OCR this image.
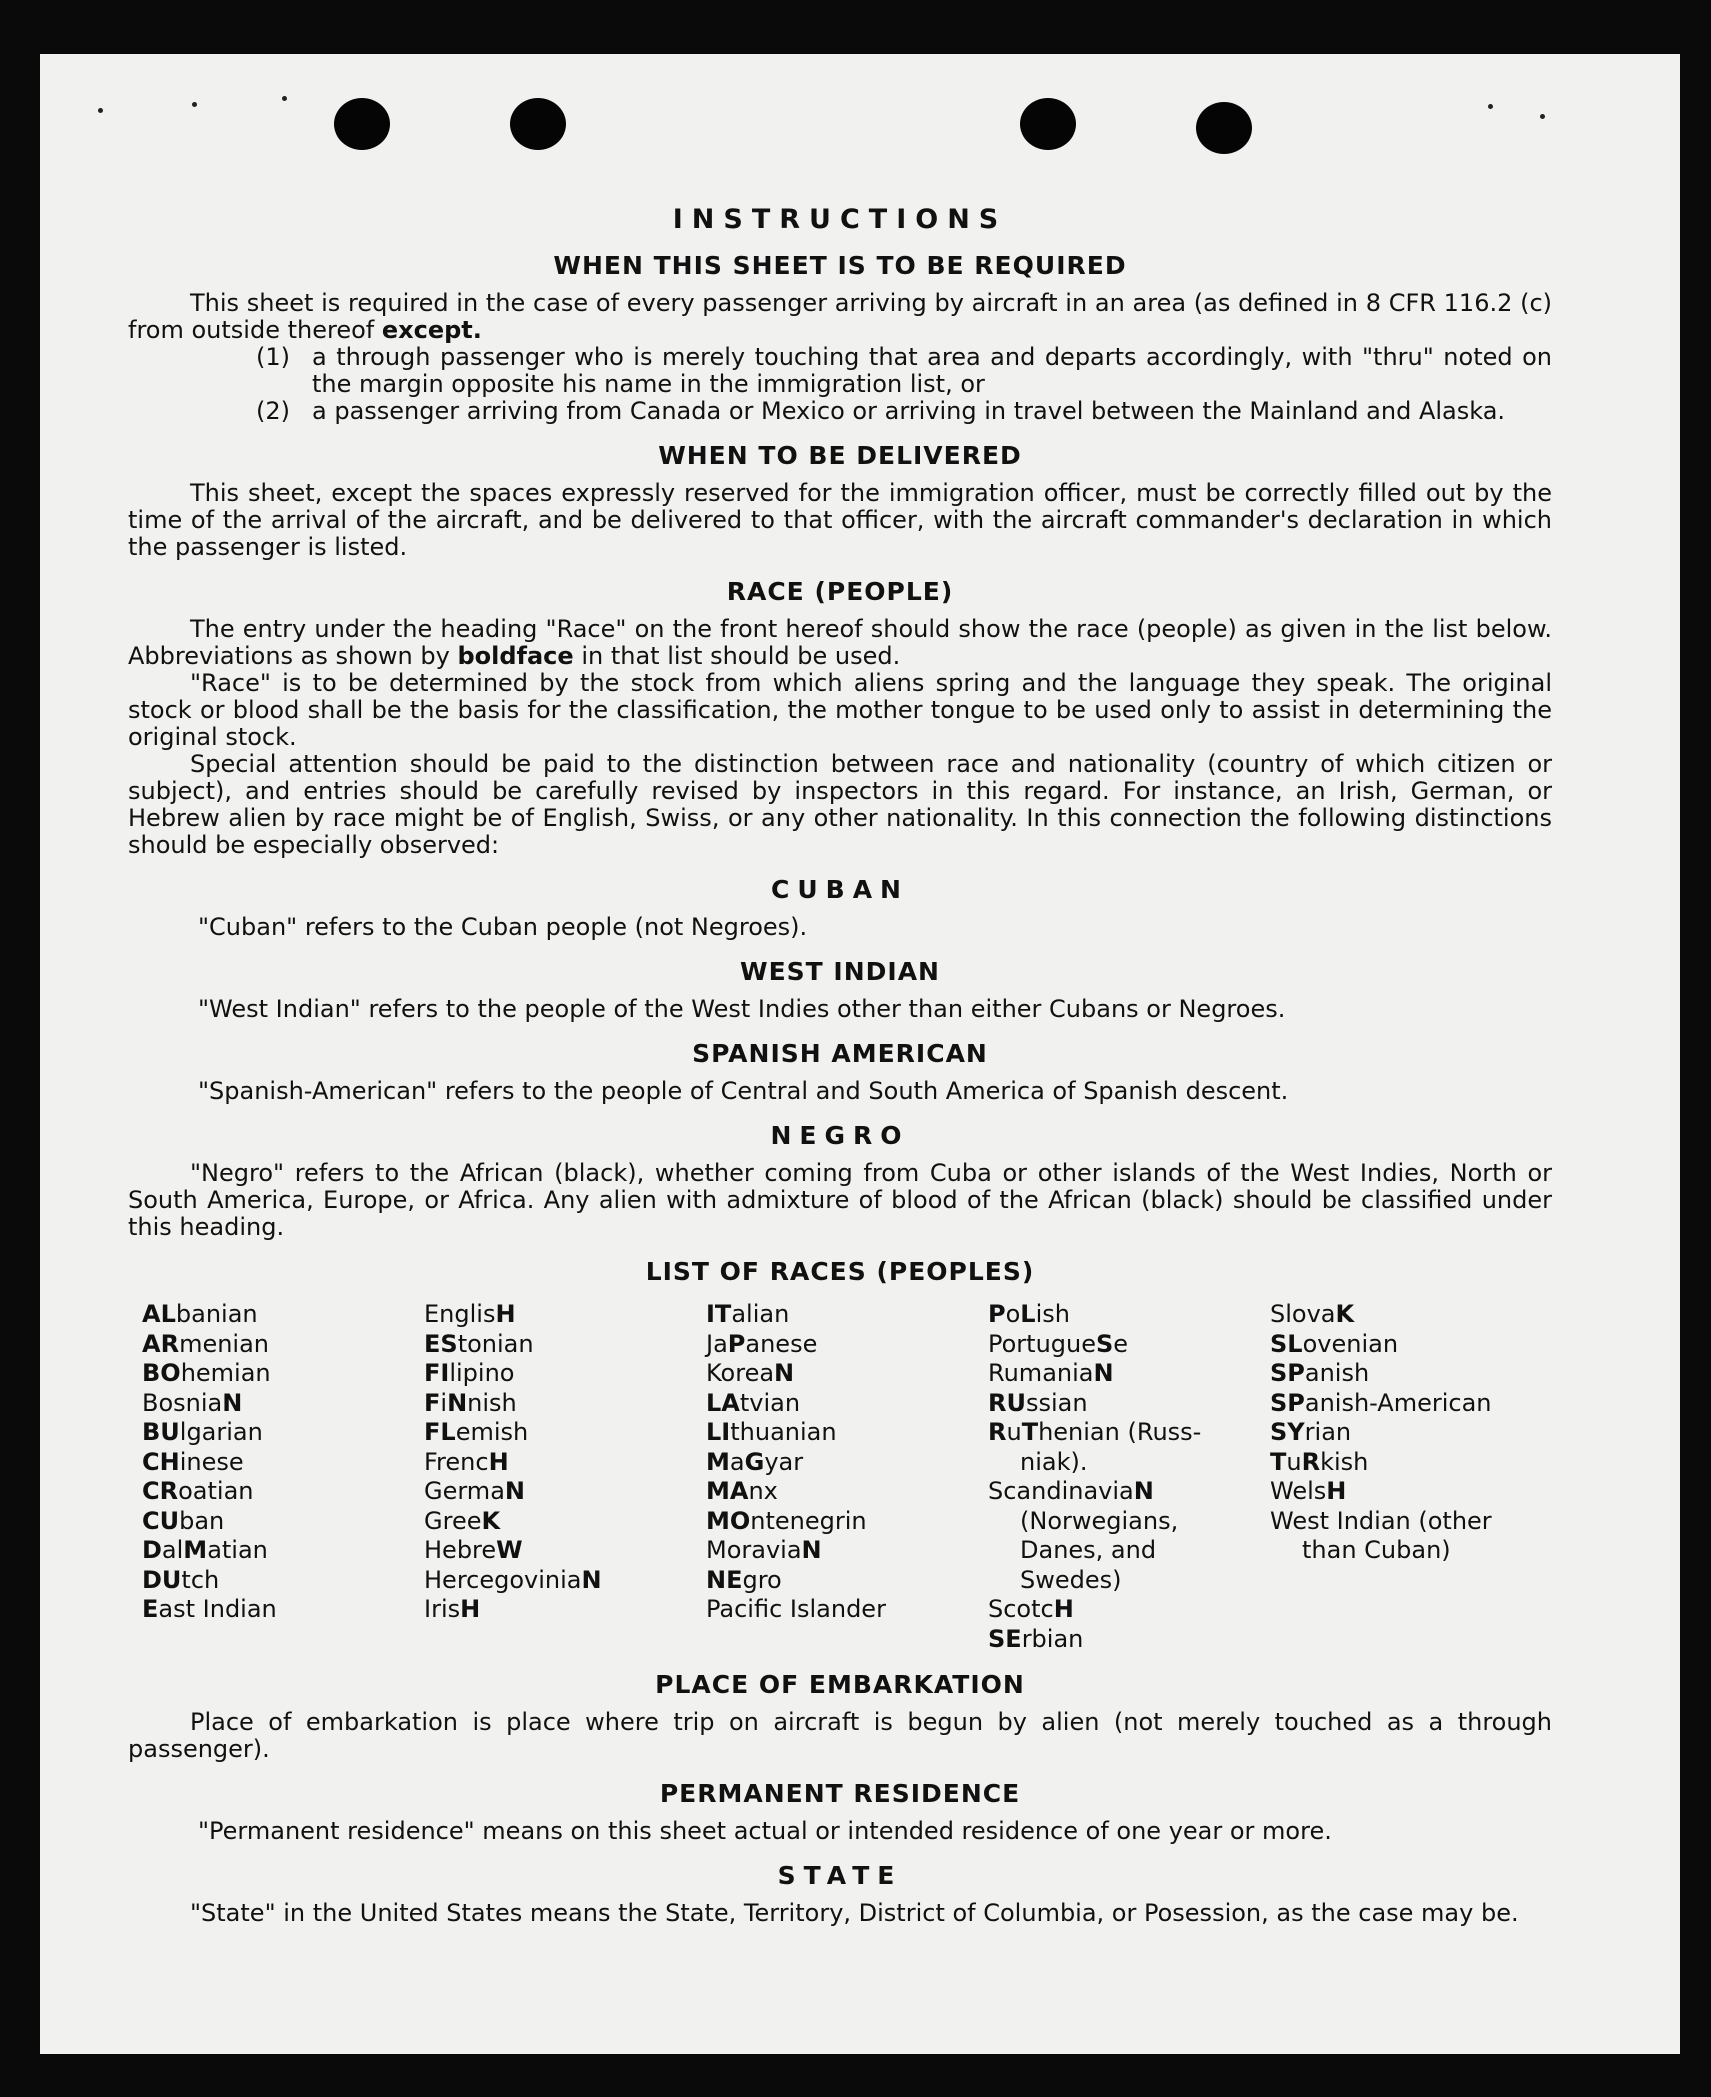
INSTRUCTIONS
WHEN THIS SHEET IS TO BE REQUIRED

This sheet is required in the case of every passenger arriving by aircraft in an area (as defined in 8 CFR 116.2 (c) from outside thereof except.

(1) a through passenger who is merely touching that area and departs accordingly, with "thru" noted on the margin opposite his name in the immigration list, or
(2) a passenger arriving from Canada or Mexico or arriving in travel between the Mainland and Alaska.
WHEN TO BE DELIVERED

This sheet, except the spaces expressly reserved for the immigration officer, must be correctly filled out by the time of the arrival of the aircraft, and be delivered to that officer, with the aircraft commander's declaration in which the passenger is listed.

RACE (PEOPLE)

The entry under the heading "Race" on the front hereof should show the race (people) as given in the list below. Abbreviations as shown by boldface in that list should be used.

"Race" is to be determined by the stock from which aliens spring and the language they speak. The original stock or blood shall be the basis for the classification, the mother tongue to be used only to assist in determining the original stock.

Special attention should be paid to the distinction between race and nationality (country of which citizen or subject), and entries should be carefully revised by inspectors in this regard. For instance, an Irish, German, or Hebrew alien by race might be of English, Swiss, or any other nationality. In this connection the following distinctions should be especially observed:

CUBAN

"Cuban" refers to the Cuban people (not Negroes).

WEST INDIAN

"West Indian" refers to the people of the West Indies other than either Cubans or Negroes.

SPANISH AMERICAN

"Spanish-American" refers to the people of Central and South America of Spanish descent.

NEGRO

"Negro" refers to the African (black), whether coming from Cuba or other islands of the West Indies, North or South America, Europe, or Africa. Any alien with admixture of blood of the African (black) should be classified under this heading.

LIST OF RACES (PEOPLES)
ALbanian
ARmenian
BOhemian
BosniaN
BUlgarian
CHinese
CRoatian
CUban
DalMatian
DUtch
East Indian
EnglisH
EStonian
FIlipino
FiNnish
FLemish
FrencH
GermaN
GreeK
HebreW
HercegoviniaN
IrisH
ITalian
JaPanese
KoreaN
LAtvian
LIthuanian
MaGyar
MAnx
MOntenegrin
MoraviaN
NEgro
Pacific Islander
PoLish
PortugueSe
RumaniaN
RUssian
RuThenian (Russ-
niak).
ScandinaviaN
(Norwegians,
Danes, and
Swedes)
ScotcH
SErbian
SlovaK
SLovenian
SPanish
SPanish-American
SYrian
TuRkish
WelsH
West Indian (other
than Cuban)
PLACE OF EMBARKATION

Place of embarkation is place where trip on aircraft is begun by alien (not merely touched as a through passenger).

PERMANENT RESIDENCE

"Permanent residence" means on this sheet actual or intended residence of one year or more.

STATE

"State" in the United States means the State, Territory, District of Columbia, or Posession, as the case may be.
